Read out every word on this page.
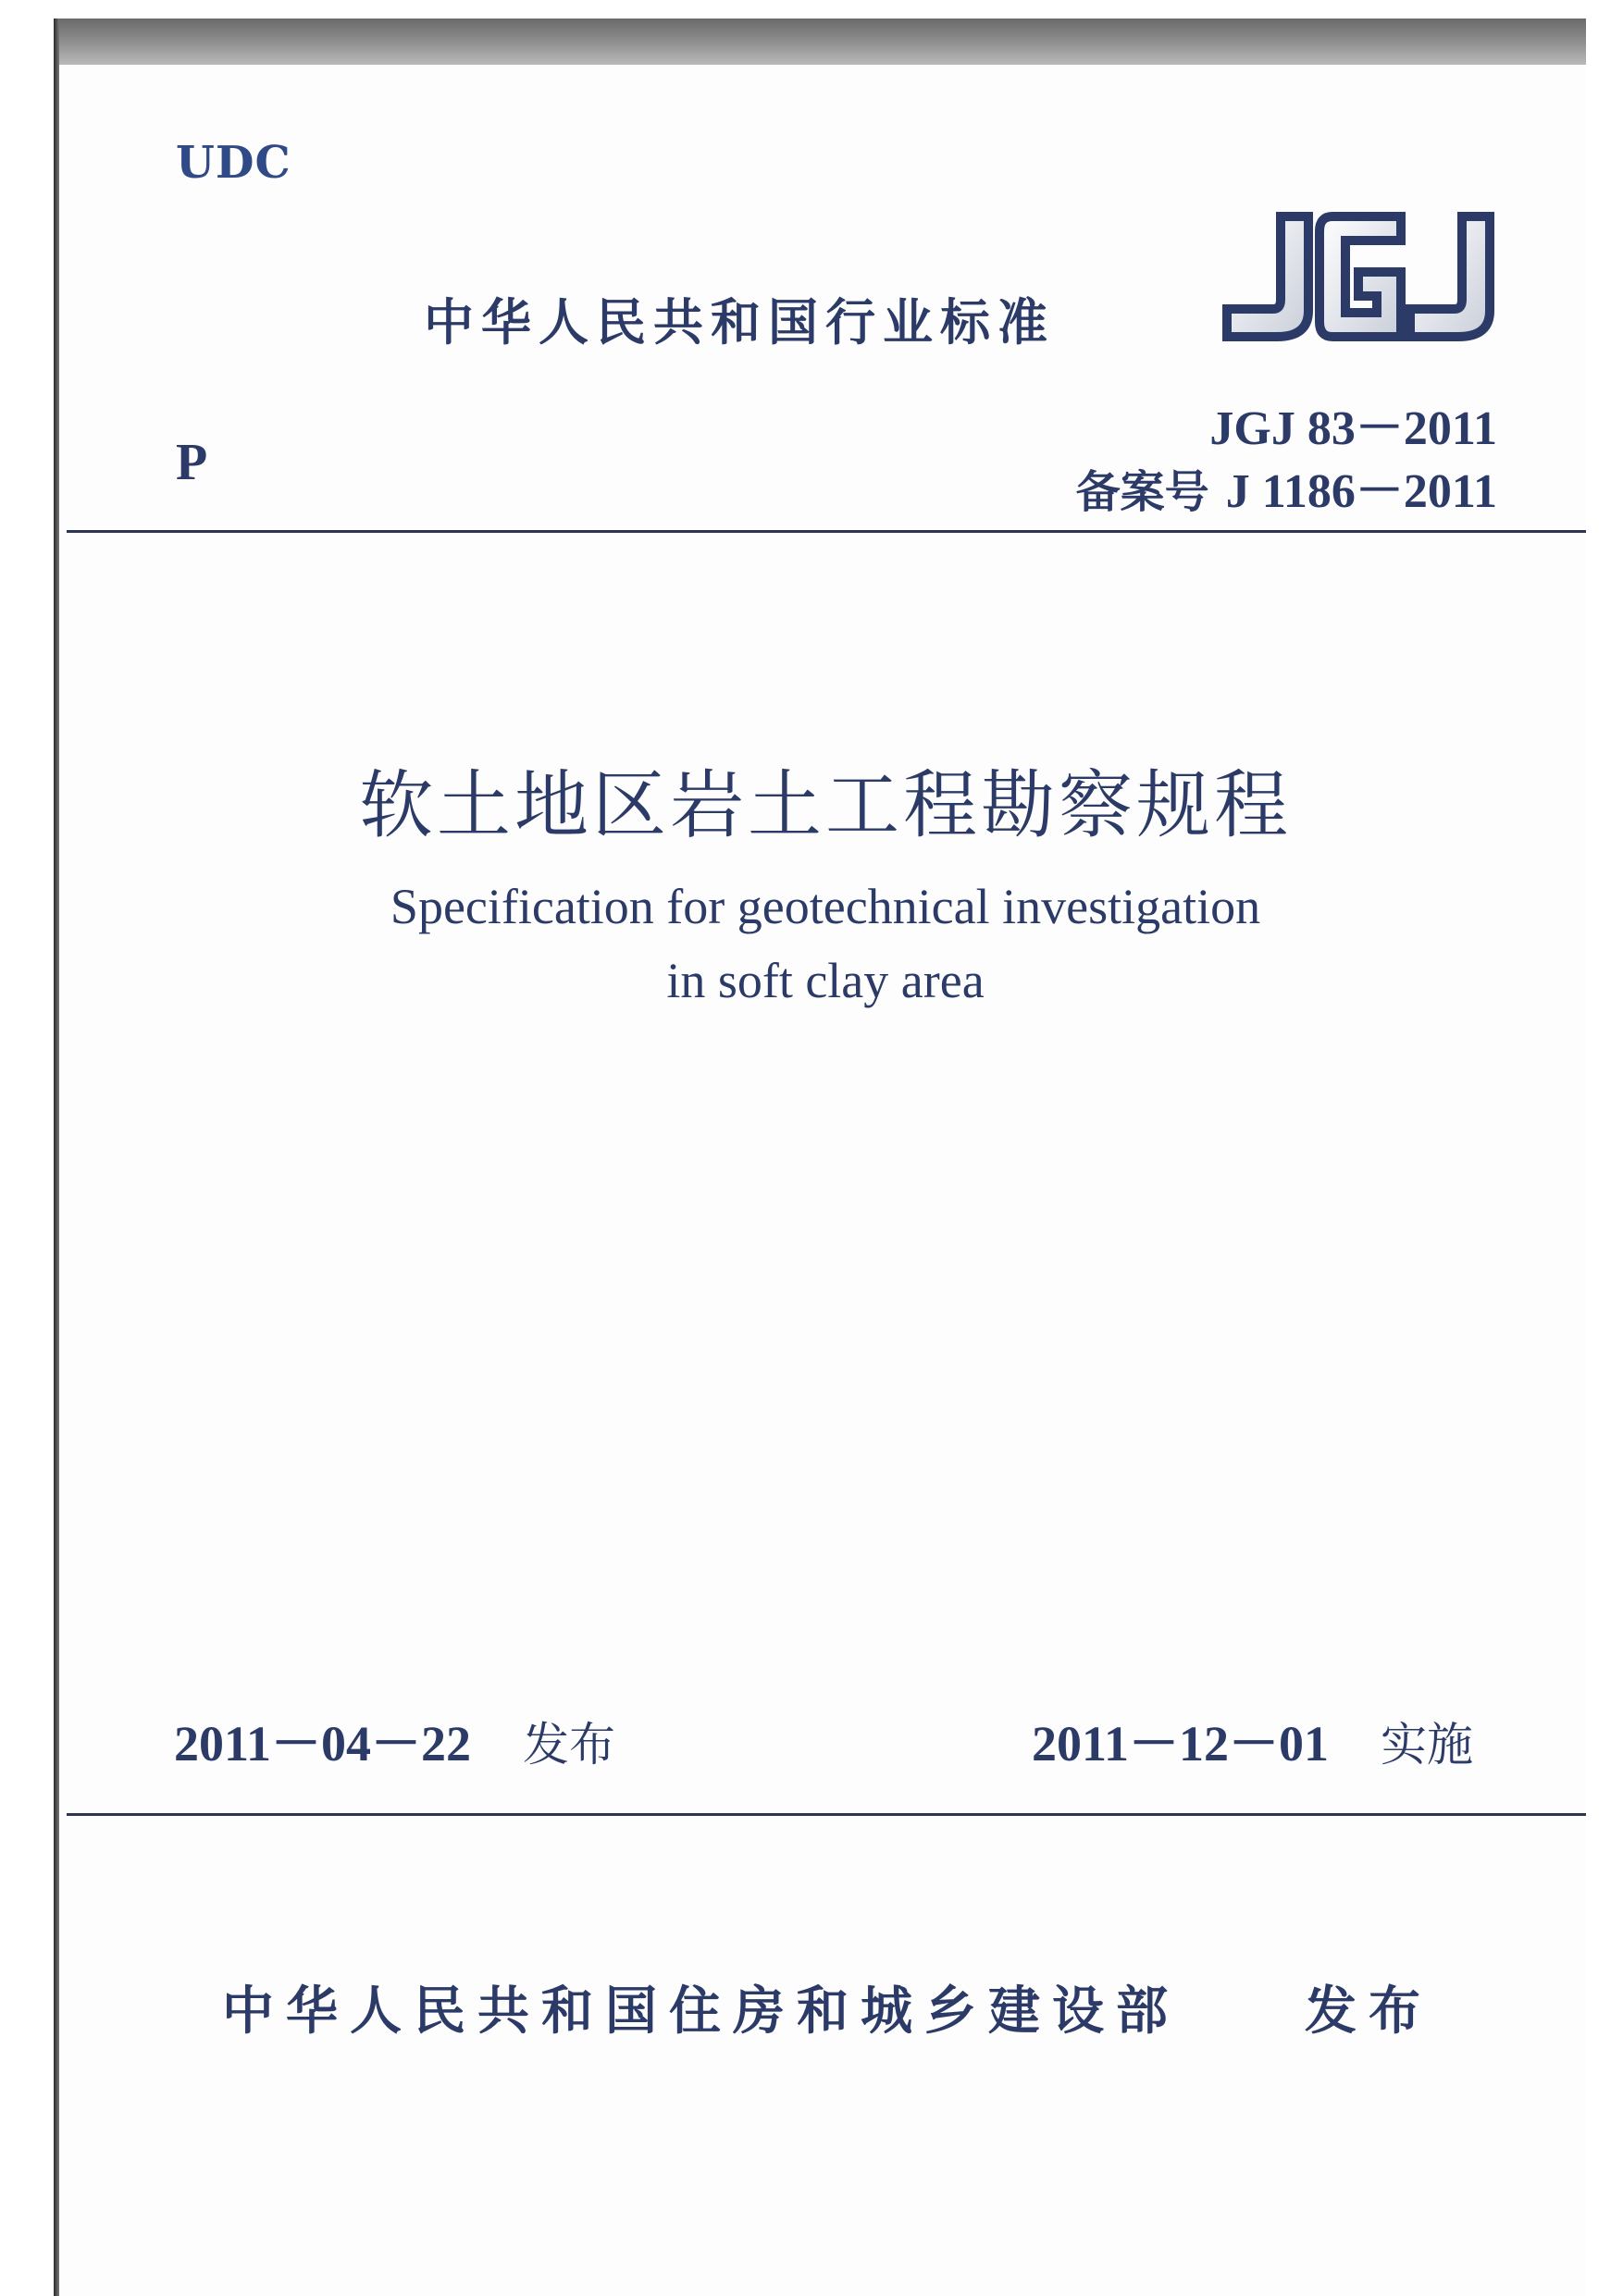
UDC
中华人民共和国行业标准
JGJ 83－2011
P
备案号 J 1186－2011
软土地区岩土工程勘察规程
Specification for geotechnical investigation
in soft clay area
2011－04－22 发布	2011－12－01 实施
中华人民共和国住房和城乡建设部 发布
